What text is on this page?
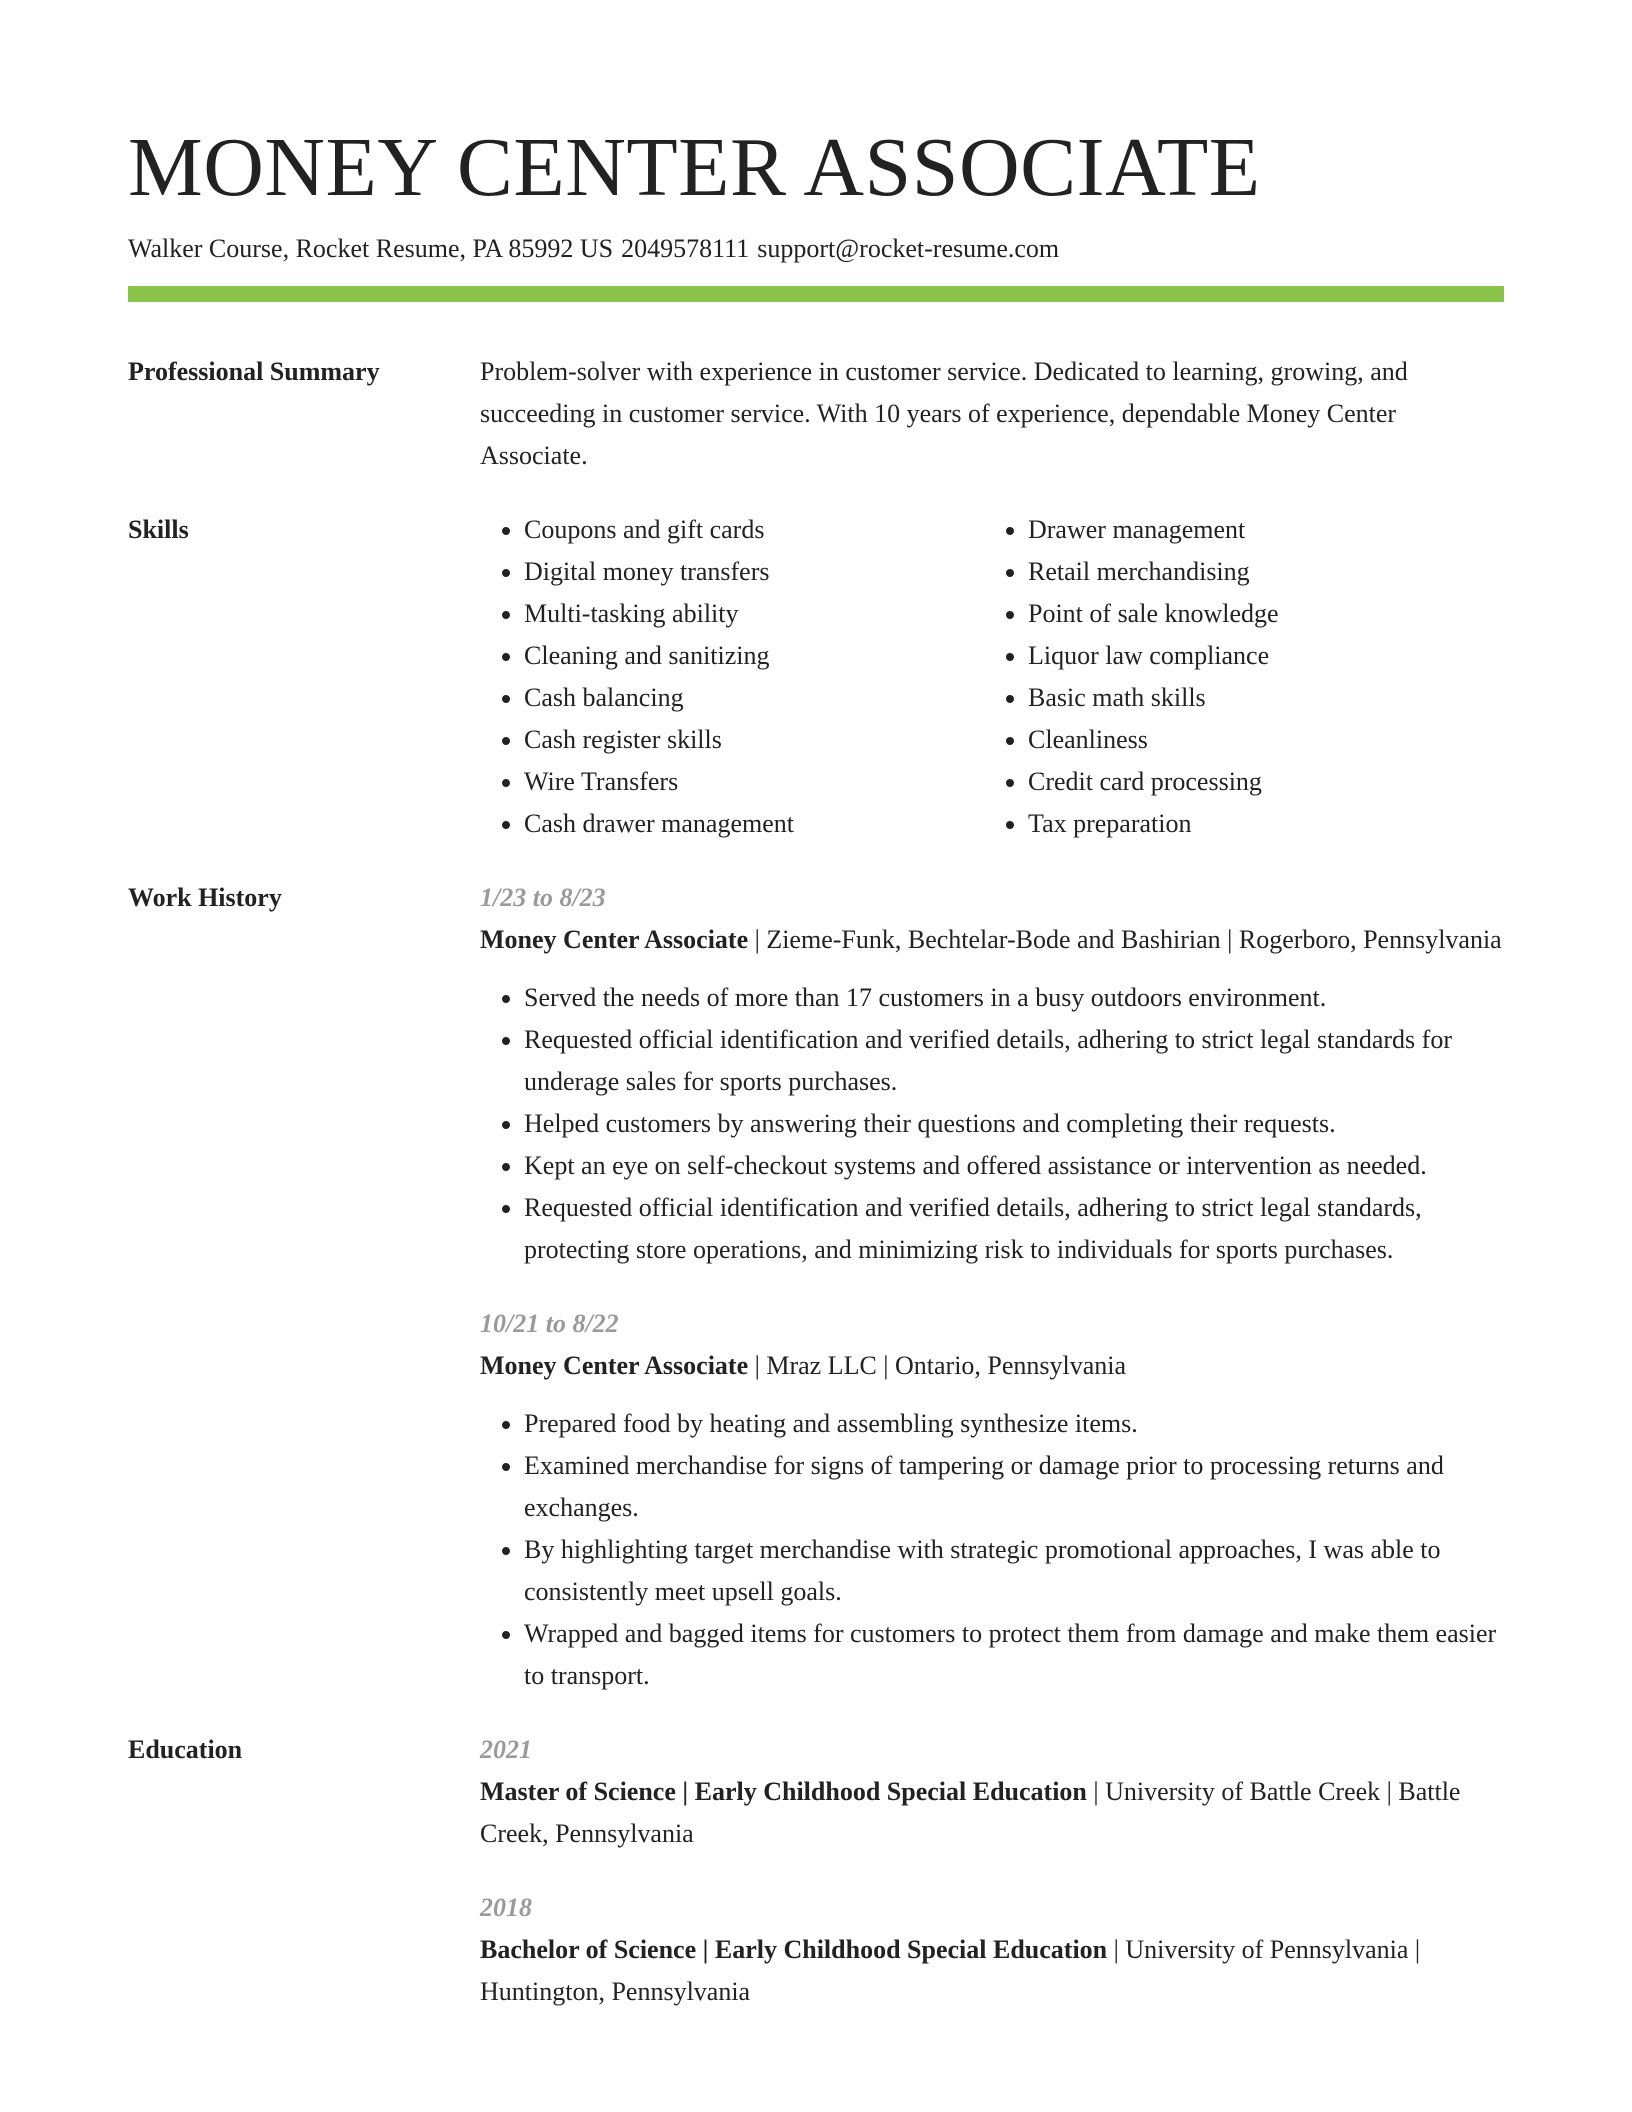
MONEY CENTER ASSOCIATE
Walker Course, Rocket Resume, PA 85992 US 2049578111 support@rocket-resume.com
Professional Summary	Problem-solver with experience in customer service. Dedicated to learning, growing, and succeeding in customer service. With 10 years of experience, dependable Money Center Associate.

Skills
•	Coupons and gift cards
• Digital money transfers
• Multi-tasking ability
• Cleaning and sanitizing
• Cash balancing
• Cash register skills
• Wire Transfers
• Cash drawer management
• Drawer management
• Retail merchandising
• Point of sale knowledge
• Liquor law compliance
• Basic math skills
• Cleanliness
• Credit card processing
• Tax preparation
Work History	1/23 to 8/23
Money Center Associate | Zieme-Funk, Bechtelar-Bode and Bashirian | Rogerboro, Pennsylvania
• Served the needs of more than 17 customers in a busy outdoors environment.
• Requested official identification and verified details, adhering to strict legal standards for underage sales for sports purchases.
• Helped customers by answering their questions and completing their requests.
• Kept an eye on self-checkout systems and offered assistance or intervention as needed.
• Requested official identification and verified details, adhering to strict legal standards, protecting store operations, and minimizing risk to individuals for sports purchases.
10/21 to 8/22
Money Center Associate | Mraz LLC | Ontario, Pennsylvania
• Prepared food by heating and assembling synthesize items.
• Examined merchandise for signs of tampering or damage prior to processing returns and exchanges.
• By highlighting target merchandise with strategic promotional approaches, I was able to consistently meet upsell goals.
• Wrapped and bagged items for customers to protect them from damage and make them easier to transport.
Education	2021
Master of Science | Early Childhood Special Education | University of Battle Creek | Battle Creek, Pennsylvania
2018
Bachelor of Science | Early Childhood Special Education | University of Pennsylvania | Huntington, Pennsylvania
